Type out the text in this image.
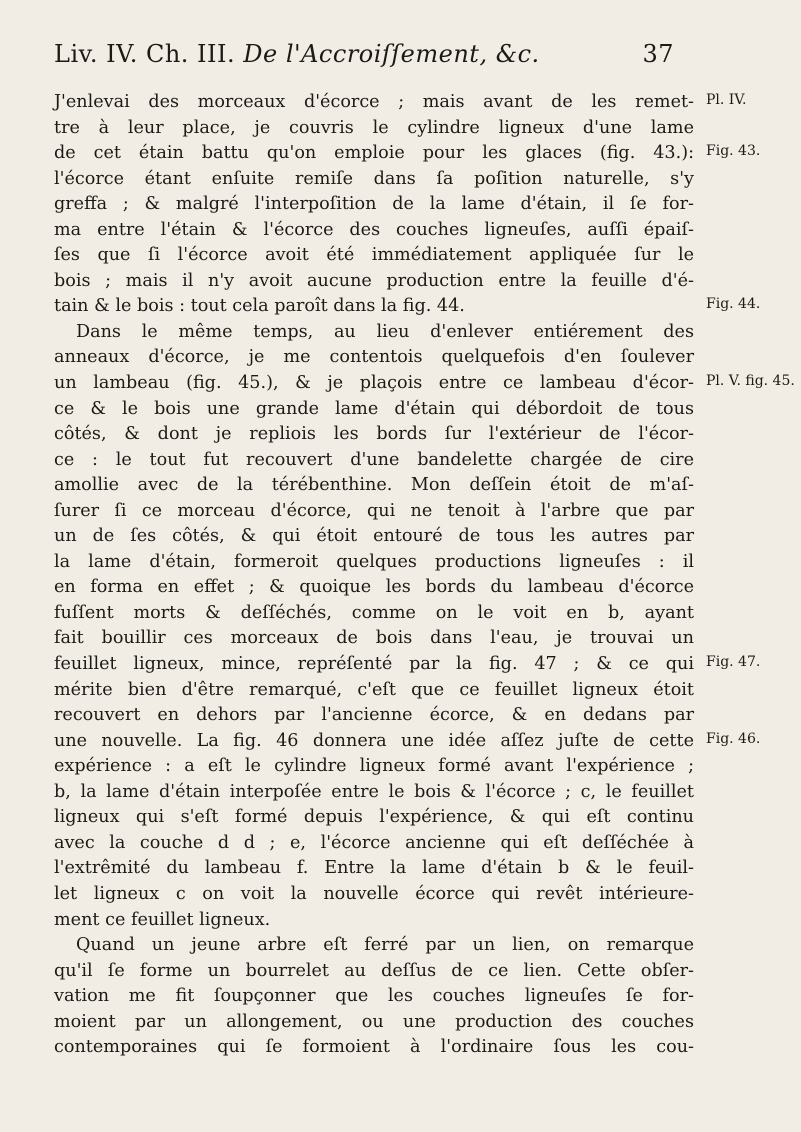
Liv. IV. Ch. III. De l'Accroiſſement, &c.	37
J'enlevai des morceaux d'écorce ; mais avant de les remet-
tre à leur place, je couvris le cylindre ligneux d'une lame
de cet étain battu qu'on emploie pour les glaces (fig. 43.):
l'écorce étant enſuite remiſe dans ſa poſition naturelle, s'y
greffa ; & malgré l'interpoſition de la lame d'étain, il ſe for-
ma entre l'étain & l'écorce des couches ligneuſes, auſſi épaiſ-
ſes que ſi l'écorce avoit été immédiatement appliquée ſur le
bois ; mais il n'y avoit aucune production entre la feuille d'é-
tain & le bois : tout cela paroît dans la fig. 44.
Dans le même temps, au lieu d'enlever entiérement des
anneaux d'écorce, je me contentois quelquefois d'en ſoulever
un lambeau (fig. 45.), & je plaçois entre ce lambeau d'écor-
ce & le bois une grande lame d'étain qui débordoit de tous
côtés, & dont je repliois les bords ſur l'extérieur de l'écor-
ce : le tout fut recouvert d'une bandelette chargée de cire
amollie avec de la térébenthine. Mon deſſein étoit de m'aſ-
ſurer ſi ce morceau d'écorce, qui ne tenoit à l'arbre que par
un de ſes côtés, & qui étoit entouré de tous les autres par
la lame d'étain, formeroit quelques productions ligneuſes : il
en forma en effet ; & quoique les bords du lambeau d'écorce
fuſſent morts & deſſéchés, comme on le voit en b, ayant
fait bouillir ces morceaux de bois dans l'eau, je trouvai un
feuillet ligneux, mince, repréſenté par la fig. 47 ; & ce qui
mérite bien d'être remarqué, c'eſt que ce feuillet ligneux étoit
recouvert en dehors par l'ancienne écorce, & en dedans par
une nouvelle. La fig. 46 donnera une idée aſſez juſte de cette
expérience : a eſt le cylindre ligneux formé avant l'expérience ;
b, la lame d'étain interpoſée entre le bois & l'écorce ; c, le feuillet
ligneux qui s'eſt formé depuis l'expérience, & qui eſt continu
avec la couche d d ; e, l'écorce ancienne qui eſt deſſéchée à
l'extrêmité du lambeau f. Entre la lame d'étain b & le feuil-
let ligneux c on voit la nouvelle écorce qui revêt intérieure-
ment ce feuillet ligneux.
Quand un jeune arbre eſt ferré par un lien, on remarque
qu'il ſe forme un bourrelet au deſſus de ce lien. Cette obſer-
vation me fit ſoupçonner que les couches ligneuſes ſe for-
moient par un allongement, ou une production des couches
contemporaines qui ſe formoient à l'ordinaire ſous les cou-
Pl. IV.
Fig. 43.
Fig. 44.
Pl. V. fig. 45.
Fig. 47.
Fig. 46.
